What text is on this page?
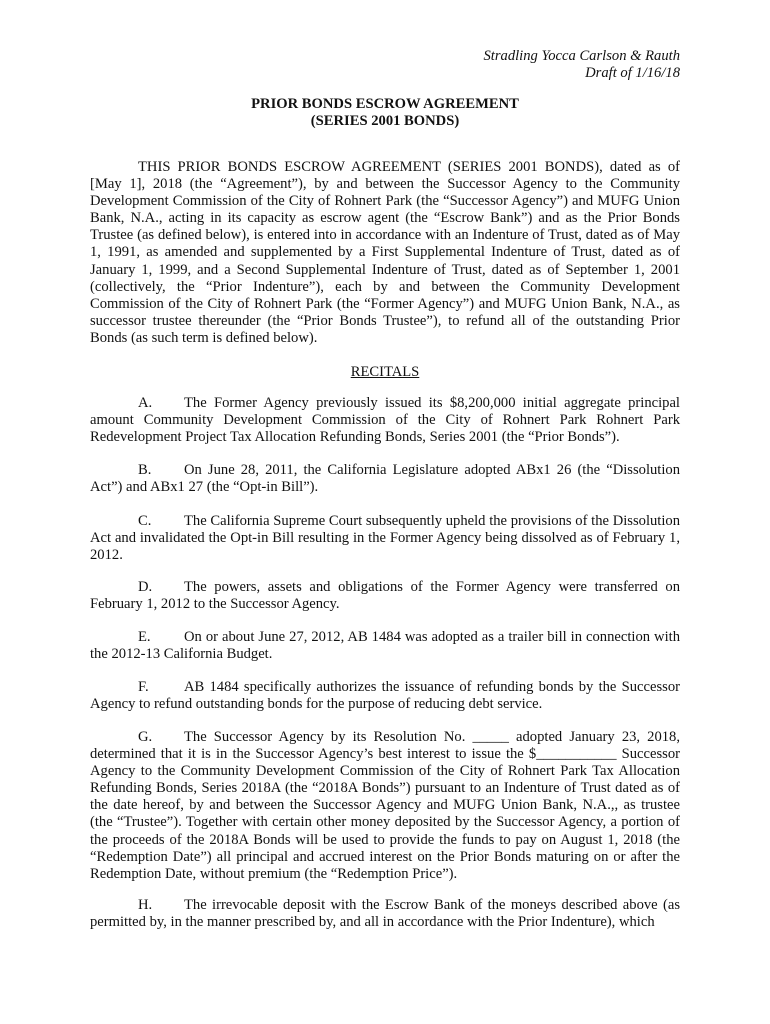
Stradling Yocca Carlson & Rauth
Draft of 1/16/18
PRIOR BONDS ESCROW AGREEMENT
(SERIES 2001 BONDS)

THIS PRIOR BONDS ESCROW AGREEMENT (SERIES 2001 BONDS), dated as of [May 1], 2018 (the “Agreement”), by and between the Successor Agency to the Community Development Commission of the City of Rohnert Park (the “Successor Agency”) and MUFG Union Bank, N.A., acting in its capacity as escrow agent (the “Escrow Bank”) and as the Prior Bonds Trustee (as defined below), is entered into in accordance with an Indenture of Trust, dated as of May 1, 1991, as amended and supplemented by a First Supplemental Indenture of Trust, dated as of January 1, 1999, and a Second Supplemental Indenture of Trust, dated as of September 1, 2001 (collectively, the “Prior Indenture”), each by and between the Community Development Commission of the City of Rohnert Park (the “Former Agency”) and MUFG Union Bank, N.A., as successor trustee thereunder (the “Prior Bonds Trustee”), to refund all of the outstanding Prior Bonds (as such term is defined below).

RECITALS

A. The Former Agency previously issued its $8,200,000 initial aggregate principal amount Community Development Commission of the City of Rohnert Park Rohnert Park Redevelopment Project Tax Allocation Refunding Bonds, Series 2001 (the “Prior Bonds”).

B. On June 28, 2011, the California Legislature adopted ABx1 26 (the “Dissolution Act”) and ABx1 27 (the “Opt-in Bill”).

C. The California Supreme Court subsequently upheld the provisions of the Dissolution Act and invalidated the Opt-in Bill resulting in the Former Agency being dissolved as of February 1, 2012.

D. The powers, assets and obligations of the Former Agency were transferred on February 1, 2012 to the Successor Agency.

E. On or about June 27, 2012, AB 1484 was adopted as a trailer bill in connection with the 2012-13 California Budget.

F. AB 1484 specifically authorizes the issuance of refunding bonds by the Successor Agency to refund outstanding bonds for the purpose of reducing debt service.

G. The Successor Agency by its Resolution No. _____ adopted January 23, 2018, determined that it is in the Successor Agency’s best interest to issue the $___________ Successor Agency to the Community Development Commission of the City of Rohnert Park Tax Allocation Refunding Bonds, Series 2018A (the “2018A Bonds”) pursuant to an Indenture of Trust dated as of the date hereof, by and between the Successor Agency and MUFG Union Bank, N.A.,, as trustee (the “Trustee”). Together with certain other money deposited by the Successor Agency, a portion of the proceeds of the 2018A Bonds will be used to provide the funds to pay on August 1, 2018 (the “Redemption Date”) all principal and accrued interest on the Prior Bonds maturing on or after the Redemption Date, without premium (the “Redemption Price”).

H. The irrevocable deposit with the Escrow Bank of the moneys described above (as permitted by, in the manner prescribed by, and all in accordance with the Prior Indenture), which
